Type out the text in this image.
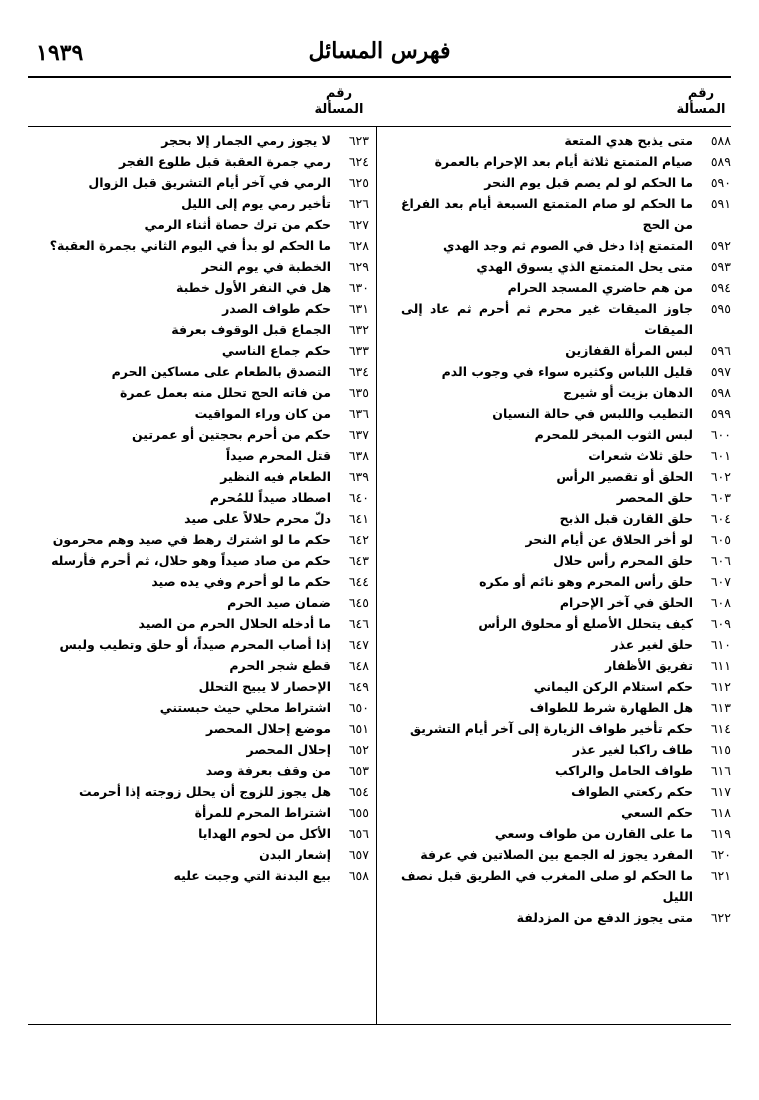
١٩٣٩	فهرس المسائل
رقم
المسألة
رقم
المسألة
٥٨٨
متى يذبح هدي المتعة
٥٨٩
صيام المتمتع ثلاثة أيام بعد الإحرام بالعمرة
٥٩٠
ما الحكم لو لم يصم قبل يوم النحر
٥٩١
ما الحكم لو صام المتمتع السبعة أيام بعد الفراغ من الحج
٥٩٢
المتمتع إذا دخل في الصوم ثم وجد الهدي
٥٩٣
متى يحل المتمتع الذي يسوق الهدي
٥٩٤
من هم حاضري المسجد الحرام
٥٩٥
جاوز الميقات غير محرم ثم أحرم ثم عاد إلى الميقات
٥٩٦
لبس المرأة القفازين
٥٩٧
قليل اللباس وكثيره سواء في وجوب الدم
٥٩٨
الدهان بزيت أو شيرج
٥٩٩
التطيب واللبس في حالة النسيان
٦٠٠
لبس الثوب المبخر للمحرم
٦٠١
حلق ثلاث شعرات
٦٠٢
الحلق أو تقصير الرأس
٦٠٣
حلق المحصر
٦٠٤
حلق القارن قبل الذبح
٦٠٥
لو أخر الحلاق عن أيام النحر
٦٠٦
حلق المحرم رأس حلال
٦٠٧
حلق رأس المحرم وهو نائم أو مكره
٦٠٨
الحلق في آخر الإحرام
٦٠٩
كيف يتحلل الأصلع أو محلوق الرأس
٦١٠
حلق لغير عذر
٦١١
تفريق الأظفار
٦١٢
حكم استلام الركن اليماني
٦١٣
هل الطهارة شرط للطواف
٦١٤
حكم تأخير طواف الزيارة إلى آخر أيام التشريق
٦١٥
طاف راكبا لغير عذر
٦١٦
طواف الحامل والراكب
٦١٧
حكم ركعتي الطواف
٦١٨
حكم السعي
٦١٩
ما على القارن من طواف وسعي
٦٢٠
المفرد يجوز له الجمع بين الصلاتين في عرفة
٦٢١
ما الحكم لو صلى المغرب في الطريق قبل نصف الليل
٦٢٢
متى يجوز الدفع من المزدلفة
٦٢٣
لا يجوز رمي الجمار إلا بحجر
٦٢٤
رمي جمرة العقبة قبل طلوع الفجر
٦٢٥
الرمي في آخر أيام التشريق قبل الزوال
٦٢٦
تأخير رمي يوم إلى الليل
٦٢٧
حكم من ترك حصاة أثناء الرمي
٦٢٨
ما الحكم لو بدأ في اليوم الثاني بجمرة العقبة؟
٦٢٩
الخطبة في يوم النحر
٦٣٠
هل في النفر الأول خطبة
٦٣١
حكم طواف الصدر
٦٣٢
الجماع قبل الوقوف بعرفة
٦٣٣
حكم جماع الناسي
٦٣٤
التصدق بالطعام على مساكين الحرم
٦٣٥
من فاته الحج تحلل منه بعمل عمرة
٦٣٦
من كان وراء المواقيت
٦٣٧
حكم من أحرم بحجتين أو عمرتين
٦٣٨
قتل المحرم صيداً
٦٣٩
الطعام فيه النظير
٦٤٠
اصطاد صيداً للمُحرم
٦٤١
دلّ محرم حلالاً على صيد
٦٤٢
حكم ما لو اشترك رهط في صيد وهم محرمون
٦٤٣
حكم من صاد صيداً وهو حلال، ثم أحرم فأرسله
٦٤٤
حكم ما لو أحرم وفي يده صيد
٦٤٥
ضمان صيد الحرم
٦٤٦
ما أدخله الحلال الحرم من الصيد
٦٤٧
إذا أصاب المحرم صيداً، أو حلق وتطيب ولبس
٦٤٨
قطع شجر الحرم
٦٤٩
الإحصار لا يبيح التحلل
٦٥٠
اشتراط محلي حيث حبستني
٦٥١
موضع إحلال المحصر
٦٥٢
إحلال المحصر
٦٥٣
من وقف بعرفة وصد
٦٥٤
هل يجوز للزوج أن يحلل زوجته إذا أحرمت
٦٥٥
اشتراط المحرم للمرأة
٦٥٦
الأكل من لحوم الهدايا
٦٥٧
إشعار البدن
٦٥٨
بيع البدنة التي وجبت عليه
